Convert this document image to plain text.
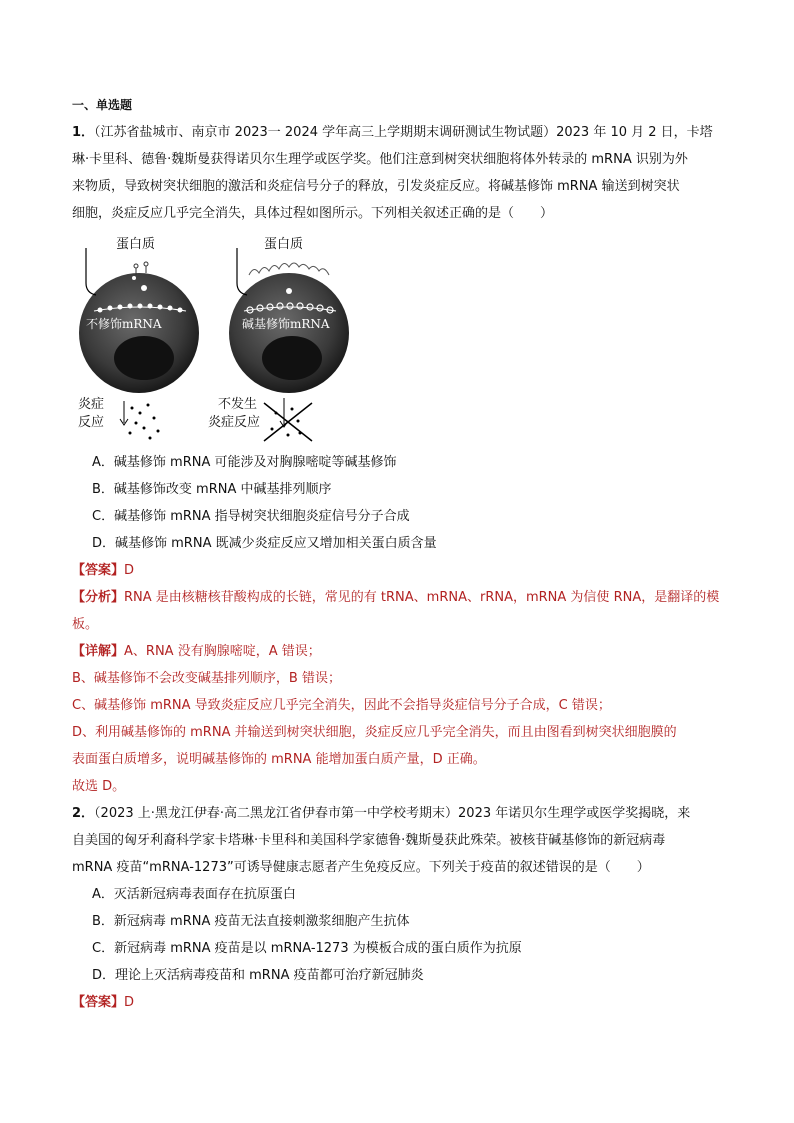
一、单选题

1．（江苏省盐城市、南京市 2023一 2024 学年高三上学期期末调研测试生物试题）2023 年 10 月 2 日，卡塔

琳·卡里科、德鲁·魏斯曼获得诺贝尔生理学或医学奖。他们注意到树突状细胞将体外转录的 mRNA 识别为外

来物质，导致树突状细胞的激活和炎症信号分子的释放，引发炎症反应。将碱基修饰 mRNA 输送到树突状

细胞，炎症反应几乎完全消失，具体过程如图所示。下列相关叙述正确的是（　　）

蛋白质	蛋白质
不修饰mRNA	碱基修饰mRNA
炎症
反应
不发生
炎症反应

A．碱基修饰 mRNA 可能涉及对胸腺嘧啶等碱基修饰

B．碱基修饰改变 mRNA 中碱基排列顺序

C．碱基修饰 mRNA 指导树突状细胞炎症信号分子合成

D．碱基修饰 mRNA 既减少炎症反应又增加相关蛋白质含量

【答案】D

【分析】RNA 是由核糖核苷酸构成的长链，常见的有 tRNA、mRNA、rRNA，mRNA 为信使 RNA，是翻译的模

板。

【详解】A、RNA 没有胸腺嘧啶，A 错误；

B、碱基修饰不会改变碱基排列顺序，B 错误；

C、碱基修饰 mRNA 导致炎症反应几乎完全消失，因此不会指导炎症信号分子合成，C 错误；

D、利用碱基修饰的 mRNA 并输送到树突状细胞，炎症反应几乎完全消失，而且由图看到树突状细胞膜的

表面蛋白质增多，说明碱基修饰的 mRNA 能增加蛋白质产量，D 正确。

故选 D。

2．（2023 上·黑龙江伊春·高二黑龙江省伊春市第一中学校考期末）2023 年诺贝尔生理学或医学奖揭晓，来

自美国的匈牙利裔科学家卡塔琳·卡里科和美国科学家德鲁·魏斯曼获此殊荣。被核苷碱基修饰的新冠病毒

mRNA 疫苗“mRNA-1273”可诱导健康志愿者产生免疫反应。下列关于疫苗的叙述错误的是（　　）

A．灭活新冠病毒表面存在抗原蛋白

B．新冠病毒 mRNA 疫苗无法直接刺激浆细胞产生抗体

C．新冠病毒 mRNA 疫苗是以 mRNA-1273 为模板合成的蛋白质作为抗原

D．理论上灭活病毒疫苗和 mRNA 疫苗都可治疗新冠肺炎

【答案】D
